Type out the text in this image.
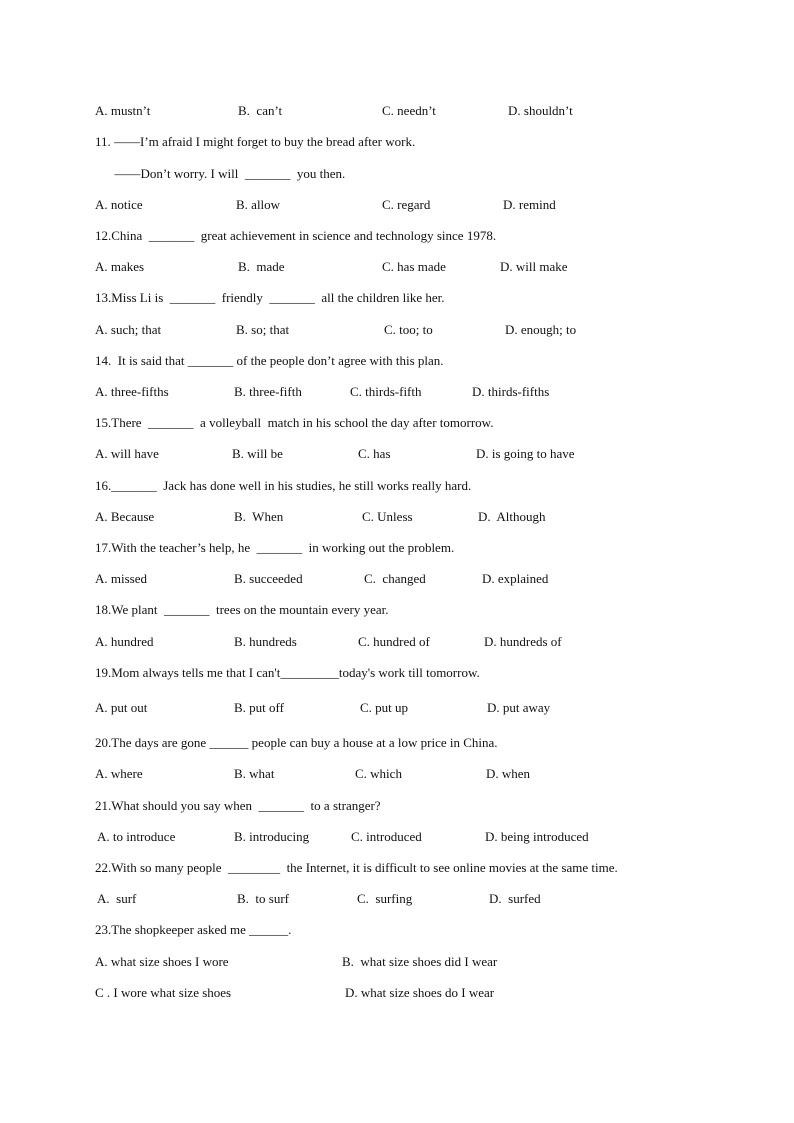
A. mustn’t	B.  can’t	C. needn’t	D. shouldn’t
11. ——I’m afraid I might forget to buy the bread after work.
——Don’t worry. I will  _______  you then.
A. notice	B. allow	C. regard	D. remind
12.China  _______  great achievement in science and technology since 1978.
A. makes	B.  made	C. has made	D. will make
13.Miss Li is  _______  friendly  _______  all the children like her.
A. such; that	B. so; that	C. too; to	D. enough; to
14.  It is said that _______ of the people don’t agree with this plan.
A. three-fifths	B. three-fifth	C. thirds-fifth	D. thirds-fifths
15.There  _______  a volleyball  match in his school the day after tomorrow.
A. will have	B. will be	C. has	D. is going to have
16._______  Jack has done well in his studies, he still works really hard.
A. Because	B.  When	C. Unless	D.  Although
17.With the teacher’s help, he  _______  in working out the problem.
A. missed	B. succeeded	C.  changed	D. explained
18.We plant  _______  trees on the mountain every year.
A. hundred	B. hundreds	C. hundred of	D. hundreds of
19.Mom always tells me that I can't_________today's work till tomorrow.
A. put out	B. put off	C. put up	D. put away
20.The days are gone ______ people can buy a house at a low price in China.
A. where	B. what	C. which	D. when
21.What should you say when  _______  to a stranger?
A. to introduce	B. introducing	C. introduced	D. being introduced
22.With so many people  ________  the Internet, it is difficult to see online movies at the same time.
A.  surf	B.  to surf	C.  surfing	D.  surfed
23.The shopkeeper asked me ______.
A. what size shoes I wore	B.  what size shoes did I wear
C . I wore what size shoes	D. what size shoes do I wear
